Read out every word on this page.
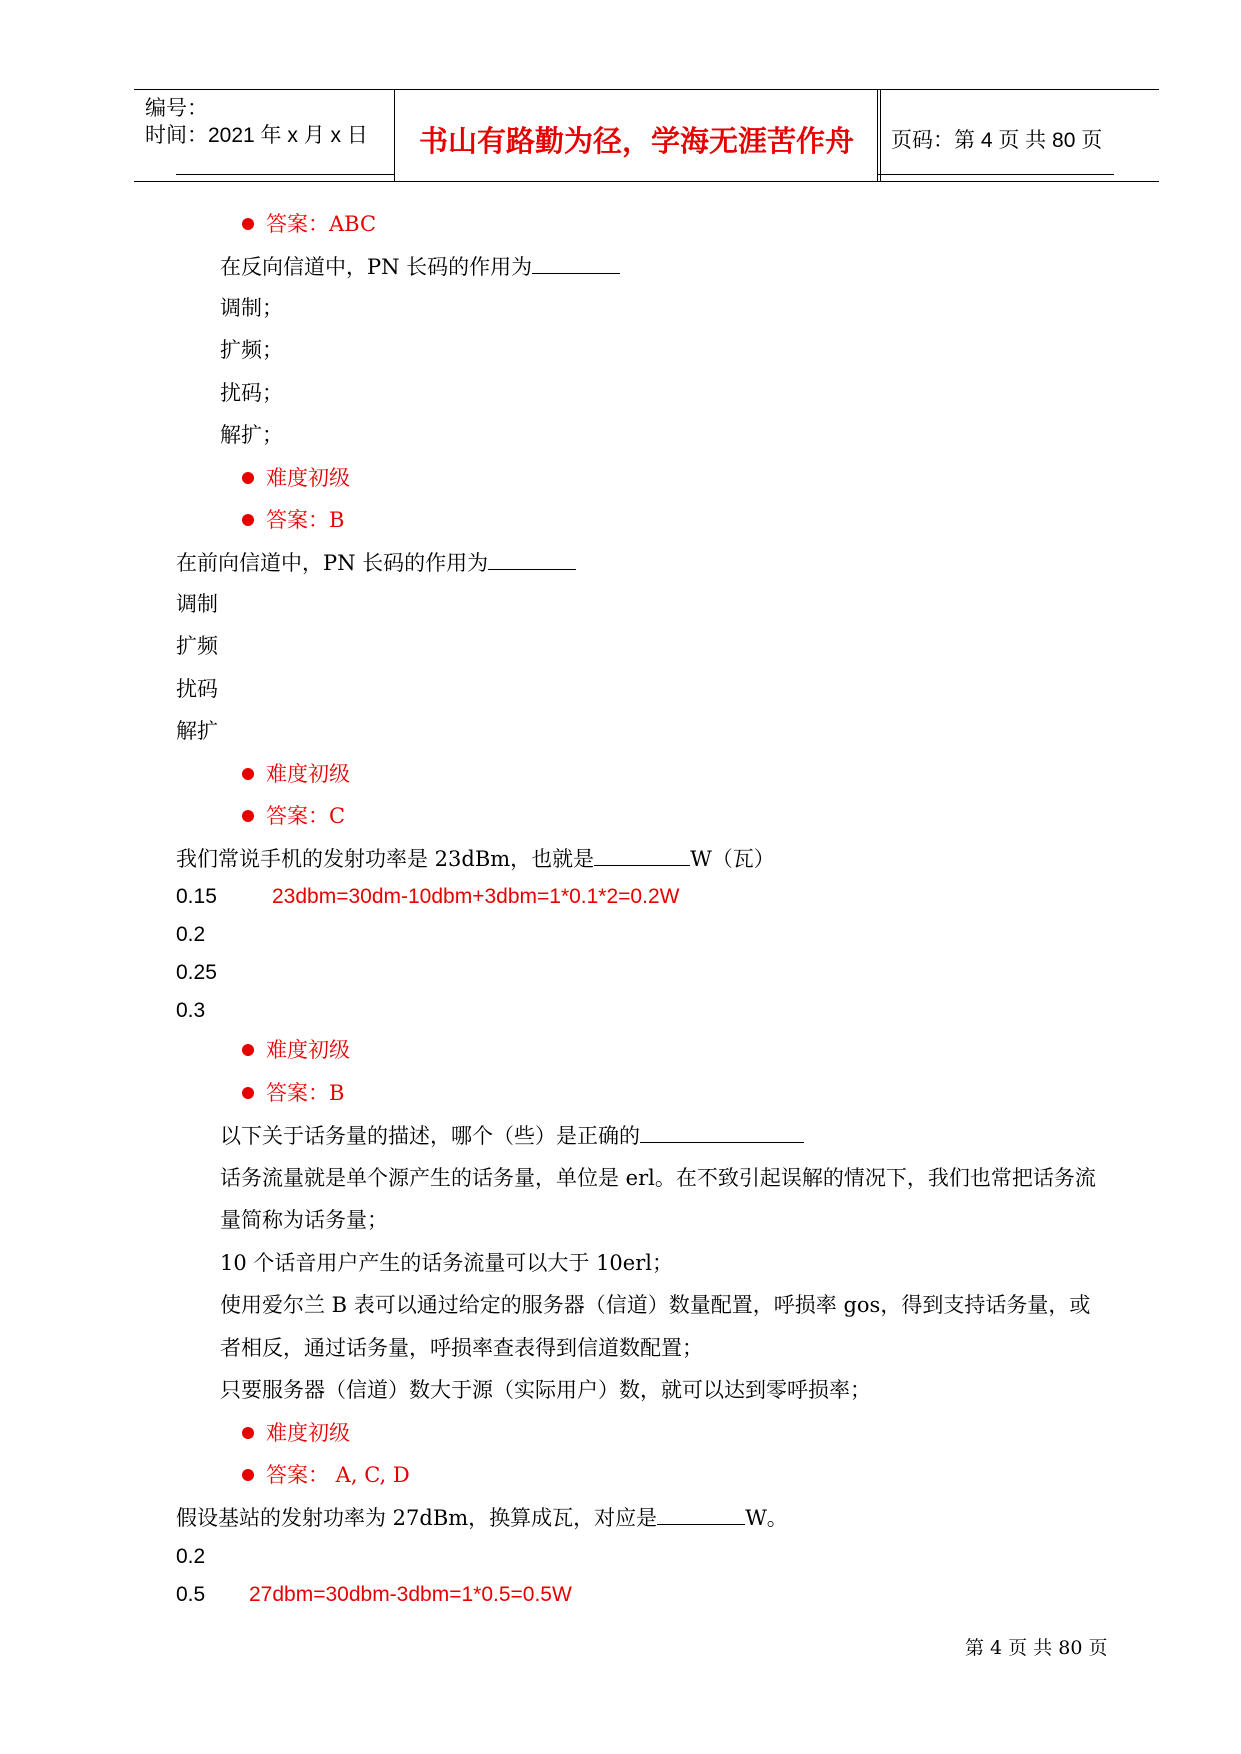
编号：
时间：2021 年 x 月 x 日 书山有路勤为径，学海无涯苦作舟 页码：第 4 页 共 80 页
答案：ABC
在反向信道中，PN 长码的作用为
调制；
扩频；
扰码；
解扩；
难度初级
答案：B
在前向信道中，PN 长码的作用为
调制
扩频
扰码
解扩
难度初级
答案：C
我们常说手机的发射功率是 23dBm，也就是	W（瓦）
0.15	23dbm=30dm-10dbm+3dbm=1*0.1*2=0.2W
0.2
0.25
0.3
难度初级
答案：B
以下关于话务量的描述，哪个（些）是正确的
话务流量就是单个源产生的话务量，单位是 erl。在不致引起误解的情况下，我们也常把话务流
量简称为话务量；
10 个话音用户产生的话务流量可以大于 10erl；
使用爱尔兰 B 表可以通过给定的服务器（信道）数量配置，呼损率 gos，得到支持话务量，或
者相反，通过话务量，呼损率查表得到信道数配置；
只要服务器（信道）数大于源（实际用户）数，就可以达到零呼损率；
难度初级
答案： A, C, D
假设基站的发射功率为 27dBm，换算成瓦，对应是	W。
0.2
0.5 27dbm=30dbm-3dbm=1*0.5=0.5W
第 4 页 共 80 页
